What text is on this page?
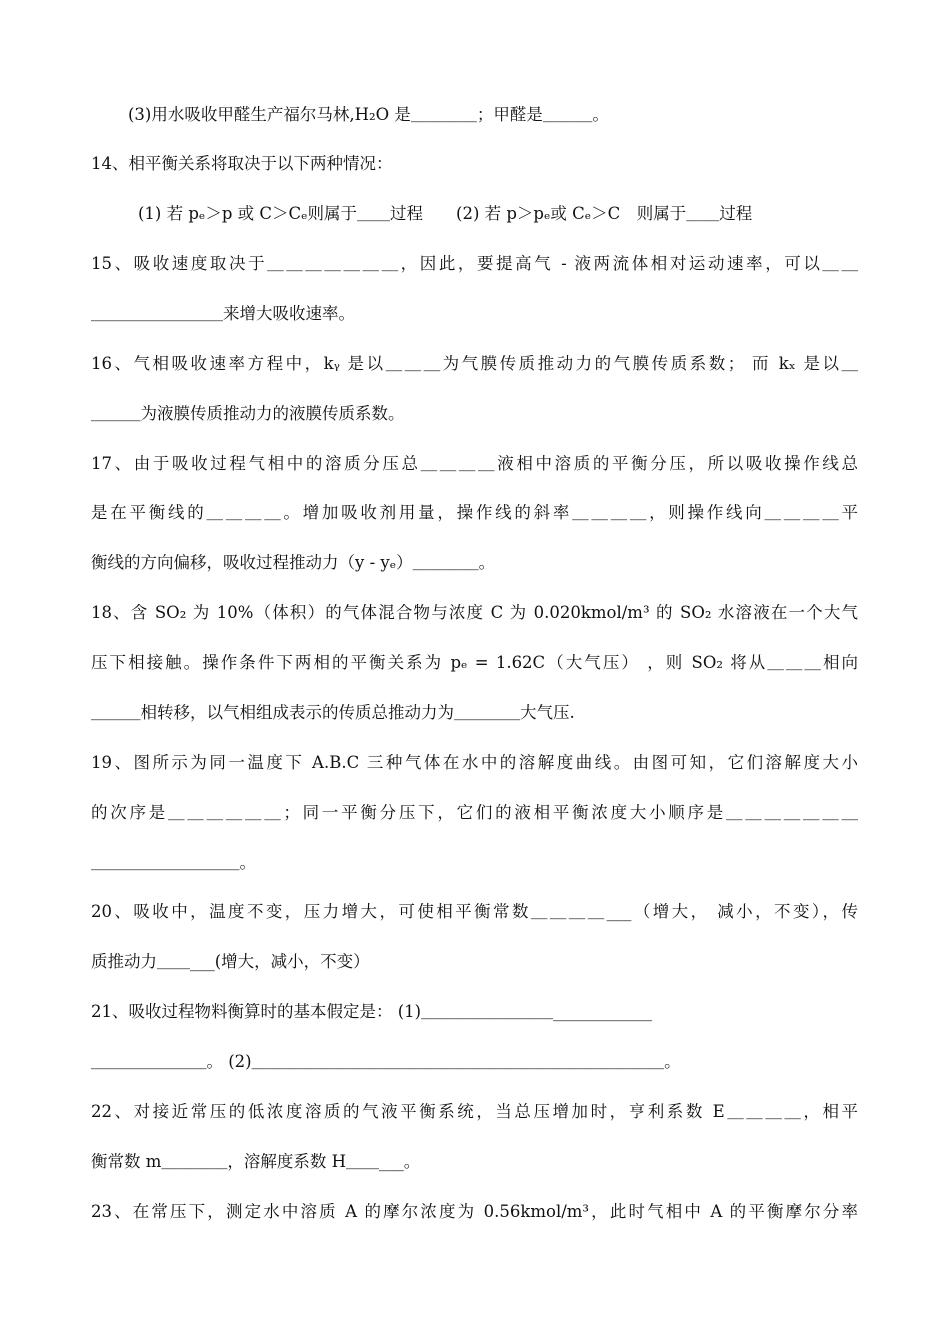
(3)用水吸收甲醛生产福尔马林,H₂O 是＿＿＿＿；甲醛是＿＿＿。
14、相平衡关系将取决于以下两种情况：
(1) 若 pₑ＞p 或 C＞Cₑ则属于＿＿过程　　(2) 若 p＞pₑ或 Cₑ＞C　则属于＿＿过程
15、吸收速度取决于＿＿＿＿＿＿＿，因此，要提高气 - 液两流体相对运动速率，可以＿＿
＿＿＿＿＿＿＿＿来增大吸收速率。
16、气相吸收速率方程中，kᵧ 是以＿＿＿为气膜传质推动力的气膜传质系数； 而 kₓ 是以＿
＿＿＿为液膜传质推动力的液膜传质系数。
17、由于吸收过程气相中的溶质分压总＿＿＿＿液相中溶质的平衡分压，所以吸收操作线总
是在平衡线的＿＿＿＿。增加吸收剂用量，操作线的斜率＿＿＿＿，则操作线向＿＿＿＿平
衡线的方向偏移，吸收过程推动力（y - yₑ）＿＿＿＿。
18、含 SO₂ 为 10%（体积）的气体混合物与浓度 C 为 0.020kmol/m³ 的 SO₂ 水溶液在一个大气
压下相接触。操作条件下两相的平衡关系为 pₑ = 1.62C（大气压） ，则 SO₂ 将从＿＿＿相向
＿＿＿相转移，以气相组成表示的传质总推动力为＿＿＿＿大气压.
19、图所示为同一温度下 A.B.C 三种气体在水中的溶解度曲线。由图可知，它们溶解度大小
的次序是＿＿＿＿＿＿；同一平衡分压下，它们的液相平衡浓度大小顺序是＿＿＿＿＿＿＿
＿＿＿＿＿＿＿＿＿。
20、吸收中，温度不变，压力增大，可使相平衡常数＿＿＿＿___（增大， 减小，不变），传
质推动力＿＿___(增大，减小，不变）
21、吸收过程物料衡算时的基本假定是： (1)＿＿＿＿＿＿＿＿____________
＿＿＿＿＿＿＿。 (2)＿＿＿＿＿＿＿＿＿＿＿＿＿＿＿＿＿＿＿＿＿＿＿＿＿。
22、对接近常压的低浓度溶质的气液平衡系统，当总压增加时，亨利系数 E＿＿＿＿，相平
衡常数 m＿＿＿＿，溶解度系数 H＿＿___。
23、在常压下，测定水中溶质 A 的摩尔浓度为 0.56kmol/m³，此时气相中 A 的平衡摩尔分率
